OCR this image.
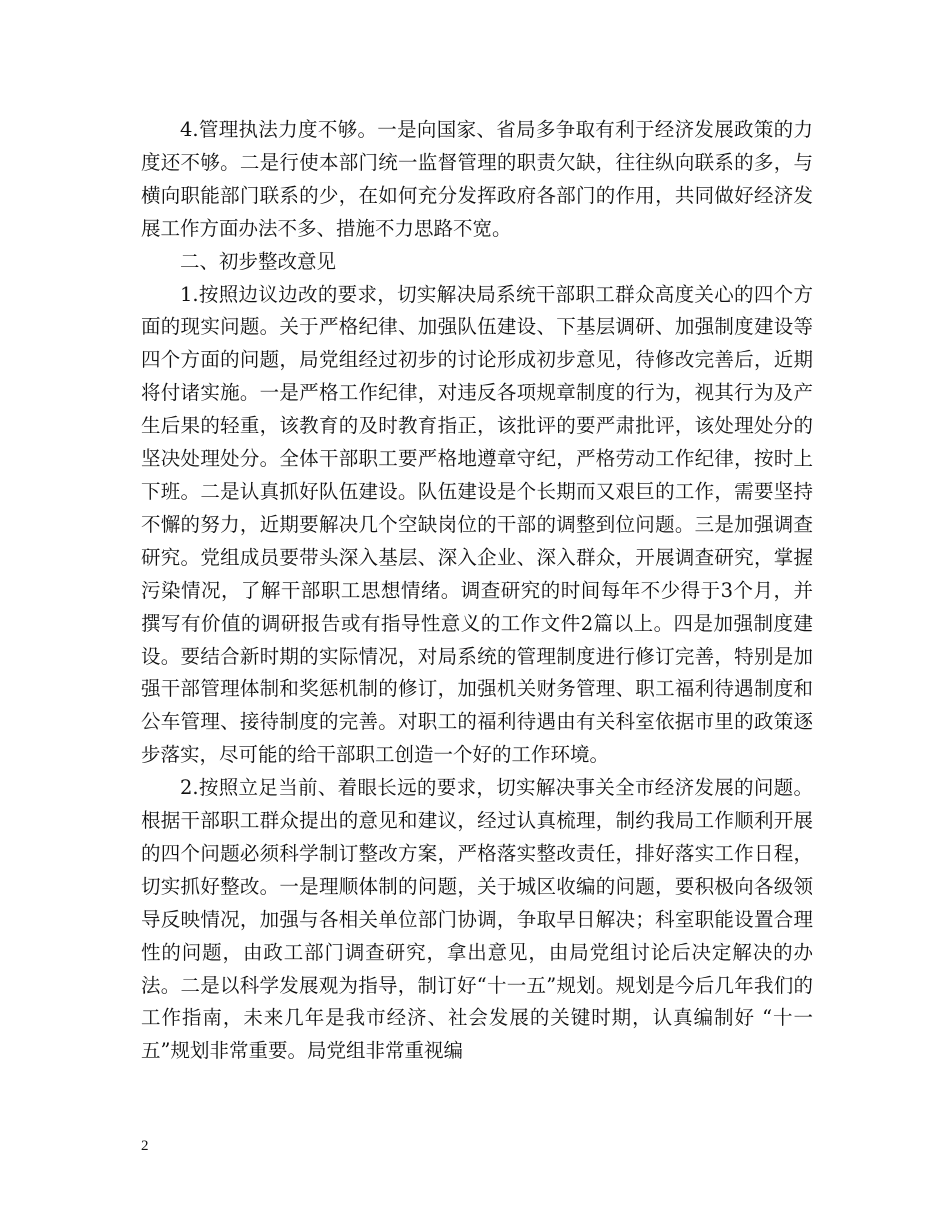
4.管理执法力度不够。一是向国家、省局多争取有利于经济发展政策的力度还不够。二是行使本部门统一监督管理的职责欠缺，往往纵向联系的多，与横向职能部门联系的少，在如何充分发挥政府各部门的作用，共同做好经济发展工作方面办法不多、措施不力思路不宽。

二、初步整改意见

1.按照边议边改的要求，切实解决局系统干部职工群众高度关心的四个方面的现实问题。关于严格纪律、加强队伍建设、下基层调研、加强制度建设等四个方面的问题，局党组经过初步的讨论形成初步意见，待修改完善后，近期将付诸实施。一是严格工作纪律，对违反各项规章制度的行为，视其行为及产生后果的轻重，该教育的及时教育指正，该批评的要严肃批评，该处理处分的坚决处理处分。全体干部职工要严格地遵章守纪，严格劳动工作纪律，按时上下班。二是认真抓好队伍建设。队伍建设是个长期而又艰巨的工作，需要坚持不懈的努力，近期要解决几个空缺岗位的干部的调整到位问题。三是加强调查研究。党组成员要带头深入基层、深入企业、深入群众，开展调查研究，掌握污染情况，了解干部职工思想情绪。调查研究的时间每年不少得于3个月，并撰写有价值的调研报告或有指导性意义的工作文件2篇以上。四是加强制度建设。要结合新时期的实际情况，对局系统的管理制度进行修订完善，特别是加强干部管理体制和奖惩机制的修订，加强机关财务管理、职工福利待遇制度和公车管理、接待制度的完善。对职工的福利待遇由有关科室依据市里的政策逐步落实，尽可能的给干部职工创造一个好的工作环境。

2.按照立足当前、着眼长远的要求，切实解决事关全市经济发展的问题。根据干部职工群众提出的意见和建议，经过认真梳理，制约我局工作顺利开展的四个问题必须科学制订整改方案，严格落实整改责任，排好落实工作日程，切实抓好整改。一是理顺体制的问题，关于城区收编的问题，要积极向各级领导反映情况，加强与各相关单位部门协调，争取早日解决；科室职能设置合理性的问题，由政工部门调查研究，拿出意见，由局党组讨论后决定解决的办法。二是以科学发展观为指导，制订好“十一五”规划。规划是今后几年我们的工作指南，未来几年是我市经济、社会发展的关键时期，认真编制好 “十一五”规划非常重要。局党组非常重视编

2
